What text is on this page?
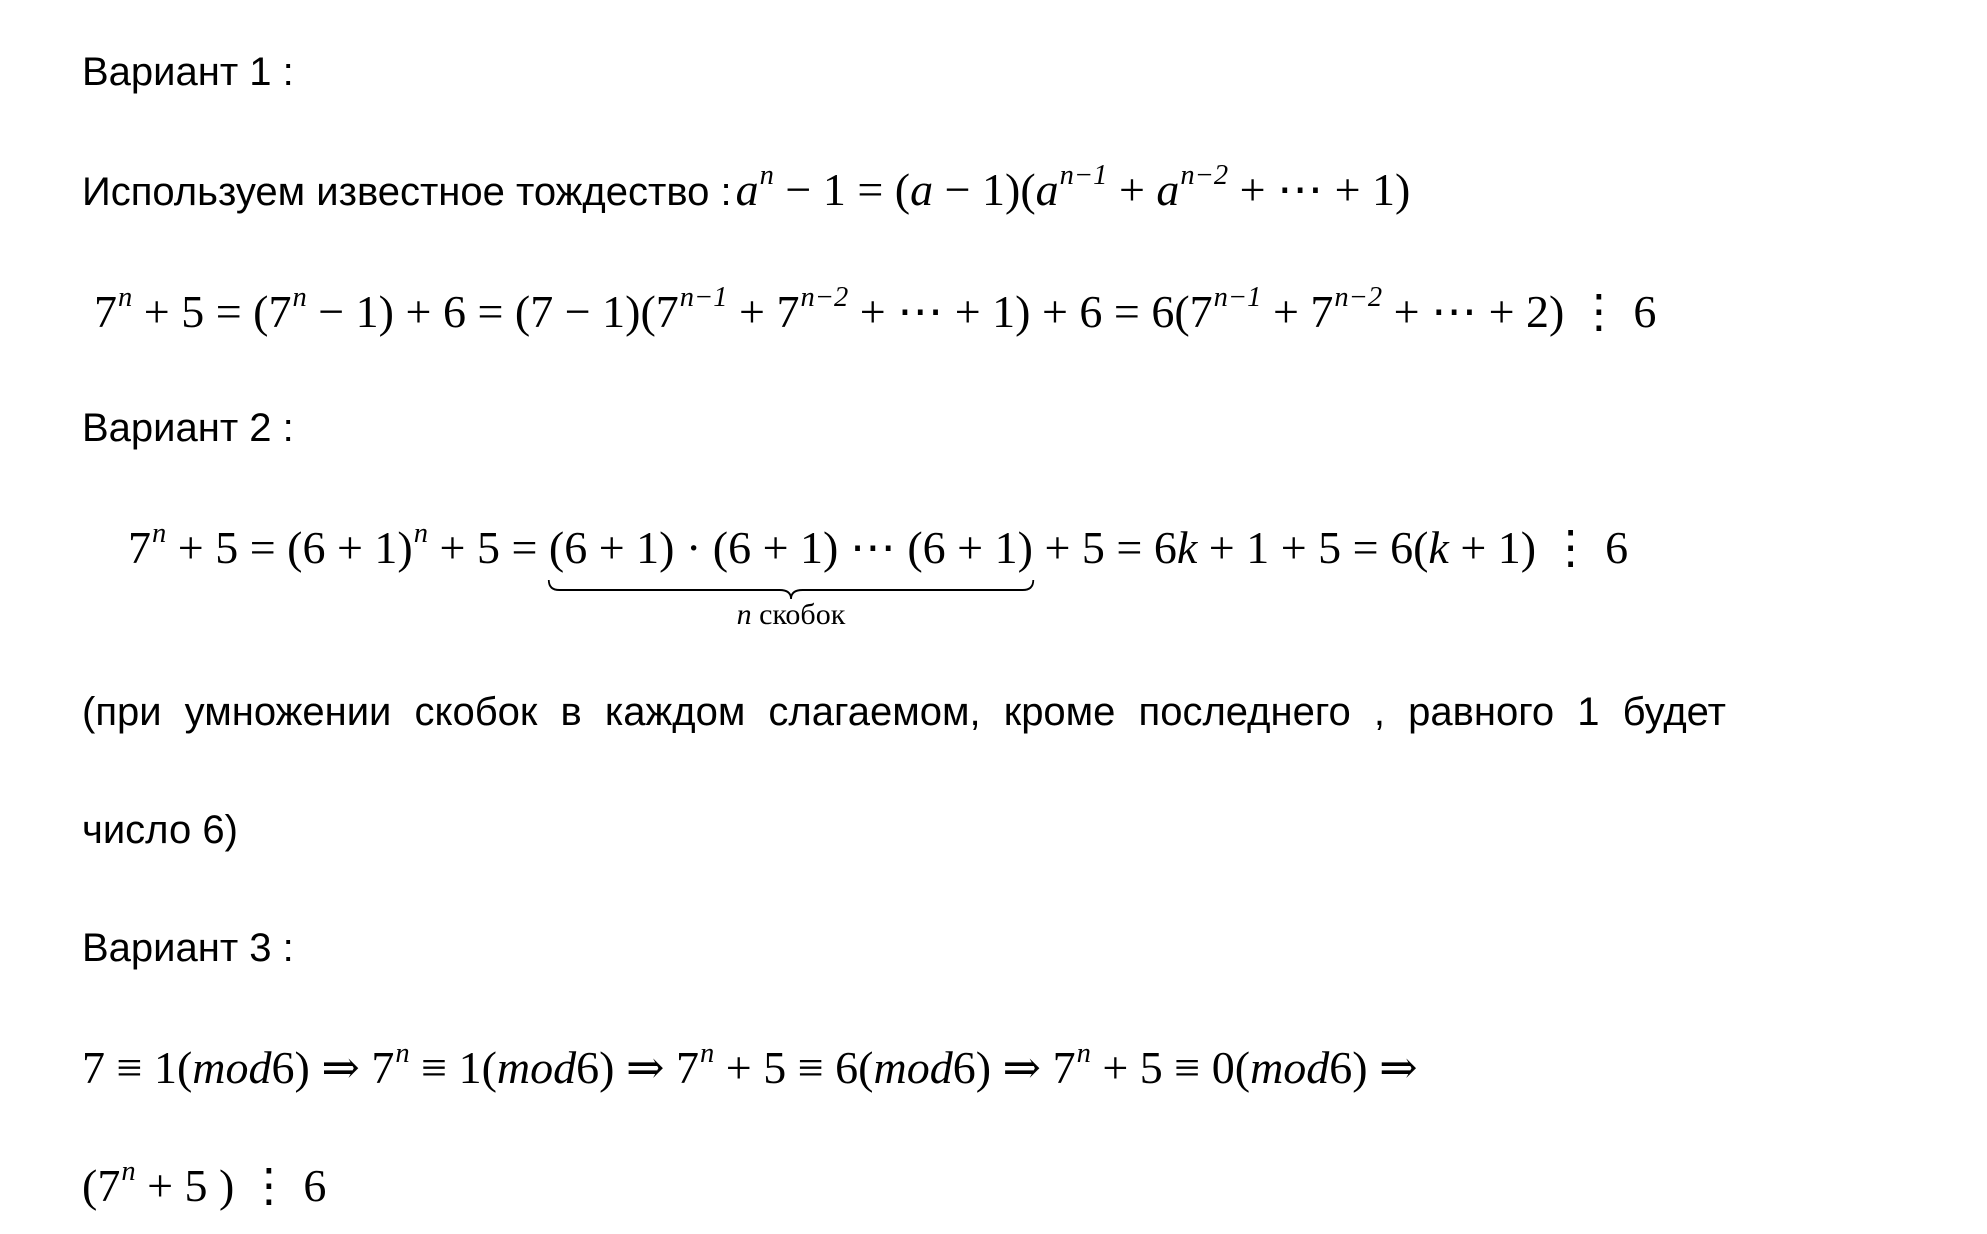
Вариант 1 :
Используем известное тождество : $a^n - 1 = (a - 1)(a^{n-1} + a^{n-2}$ + ⋯ + 1)
$7^n + 5 = (7^n - 1) + 6 = (7 - 1)(7^{n-1} + 7^{n-2}$ + ⋯ + $1) + 6 = 6(7^{n-1} + 7^{n-2}$ + ⋯ + 2) ⋮ 6
Вариант 2 :
$7^n + 5 = (6 + 1)^n + 5 = (6 + 1) \cdot (6 + 1)$ ⋯ (6 + 1)
n скобок
+ 5 = 6k + 1 + 5 = 6(k + 1) ⋮ 6
(при умножении скобок в каждом слагаемом, кроме последнего , равного 1 будет
число 6)
Вариант 3 :
7 ≡ 1(mod6) ⇒ $7^n \equiv 1(mod6)$ ⇒ $7^n + 5 \equiv 6(mod6)$ ⇒ $7^n + 5 \equiv 0(mod6)$ ⇒
($7^n + 5$ ) ⋮ 6
